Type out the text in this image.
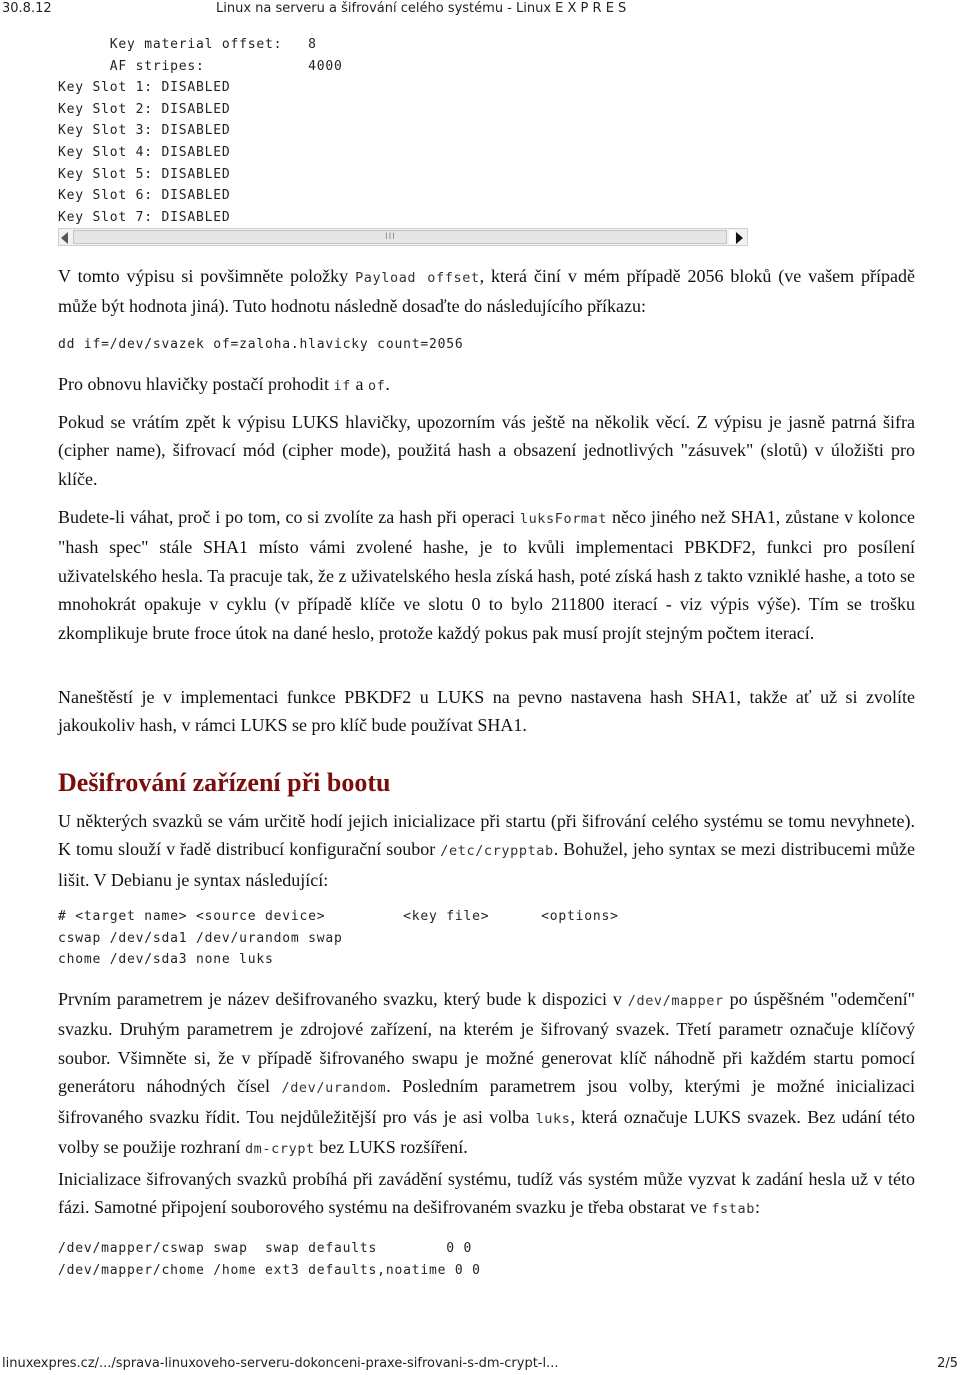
30.8.12	Linux na serveru a šifrování celého systému - Linux E X P R E S
Key material offset:   8
AF stripes:            4000
Key Slot 1: DISABLED
Key Slot 2: DISABLED
Key Slot 3: DISABLED
Key Slot 4: DISABLED
Key Slot 5: DISABLED
Key Slot 6: DISABLED
Key Slot 7: DISABLED
III

V tomto výpisu si povšimněte položky Payload offset, která činí v mém případě 2056 bloků (ve vašem případě může být hodnota jiná). Tuto hodnotu následně dosaďte do následujícího příkazu:

dd if=/dev/svazek of=zaloha.hlavicky count=2056

Pro obnovu hlavičky postačí prohodit if a of.

Pokud se vrátím zpět k výpisu LUKS hlavičky, upozorním vás ještě na několik věcí. Z výpisu je jasně patrná šifra (cipher name), šifrovací mód (cipher mode), použitá hash a obsazení jednotlivých "zásuvek" (slotů) v úložišti pro klíče.

Budete-li váhat, proč i po tom, co si zvolíte za hash při operaci luksFormat něco jiného než SHA1, zůstane v kolonce "hash spec" stále SHA1 místo vámi zvolené hashe, je to kvůli implementaci PBKDF2, funkci pro posílení uživatelského hesla. Ta pracuje tak, že z uživatelského hesla získá hash, poté získá hash z takto vzniklé hashe, a toto se mnohokrát opakuje v cyklu (v případě klíče ve slotu 0 to bylo 211800 iterací - viz výpis výše). Tím se trošku zkomplikuje brute froce útok na dané heslo, protože každý pokus pak musí projít stejným počtem iterací.

Naneštěstí je v implementaci funkce PBKDF2 u LUKS na pevno nastavena hash SHA1, takže ať už si zvolíte jakoukoliv hash, v rámci LUKS se pro klíč bude používat SHA1.

Dešifrování zařízení při bootu

U některých svazků se vám určitě hodí jejich inicializace při startu (při šifrování celého systému se tomu nevyhnete). K tomu slouží v řadě distribucí konfigurační soubor /etc/crypptab. Bohužel, jeho syntax se mezi distribucemi může lišit. V Debianu je syntax následující:

# <target name> <source device>         <key file>      <options>
cswap /dev/sda1 /dev/urandom swap
chome /dev/sda3 none luks

Prvním parametrem je název dešifrovaného svazku, který bude k dispozici v /dev/mapper po úspěšném "odemčení" svazku. Druhým parametrem je zdrojové zařízení, na kterém je šifrovaný svazek. Třetí parametr označuje klíčový soubor. Všimněte si, že v případě šifrovaného swapu je možné generovat klíč náhodně při každém startu pomocí generátoru náhodných čísel /dev/urandom. Posledním parametrem jsou volby, kterými je možné inicializaci šifrovaného svazku řídit. Tou nejdůležitější pro vás je asi volba luks, která označuje LUKS svazek. Bez udání této volby se použije rozhraní dm-crypt bez LUKS rozšíření.

Inicializace šifrovaných svazků probíhá při zavádění systému, tudíž vás systém může vyzvat k zadání hesla už v této fázi. Samotné připojení souborového systému na dešifrovaném svazku je třeba obstarat ve fstab:

/dev/mapper/cswap swap  swap defaults        0 0
/dev/mapper/chome /home ext3 defaults,noatime 0 0
linuxexpres.cz/.../sprava-linuxoveho-serveru-dokonceni-praxe-sifrovani-s-dm-crypt-l...	2/5
